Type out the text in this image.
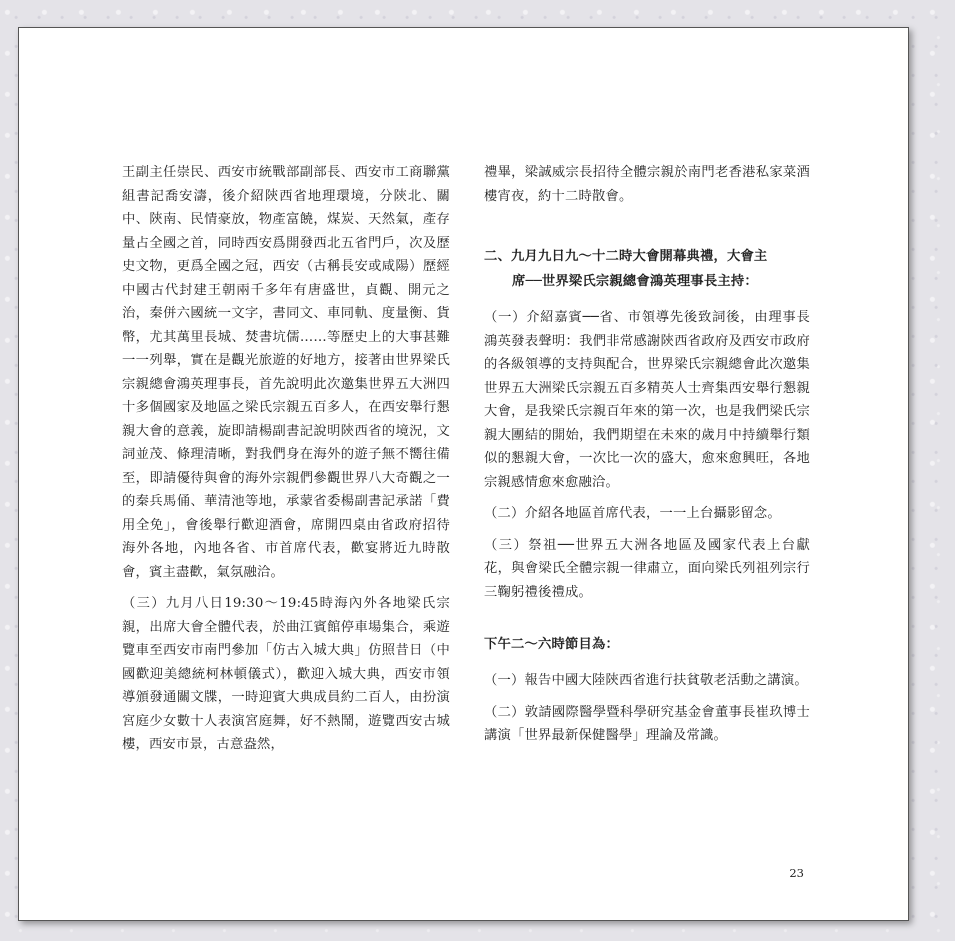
王副主任崇民、西安市統戰部副部長、西安市工商聯黨組書記喬安濤，後介紹陝西省地理環境，分陝北、關中、陝南、民情豪放，物產富饒，煤炭、天然氣，產存量占全國之首，同時西安爲開發西北五省門戶，次及歷史文物，更爲全國之冠，西安（古稱長安或咸陽）歷經中國古代封建王朝兩千多年有唐盛世，貞觀、開元之治，秦併六國統一文字，書同文、車同軌、度量衡、貨幣，尤其萬里長城、焚書坑儒……等歷史上的大事甚難一一列舉，實在是觀光旅遊的好地方，接著由世界梁氏宗親總會鴻英理事長，首先說明此次邀集世界五大洲四十多個國家及地區之梁氏宗親五百多人，在西安舉行懇親大會的意義，旋即請楊副書記說明陝西省的境況，文詞並茂、條理清晰，對我們身在海外的遊子無不嚮往備至，即請優待與會的海外宗親們參觀世界八大奇觀之一的秦兵馬俑、華清池等地，承蒙省委楊副書記承諾「費用全免」，會後舉行歡迎酒會，席開四桌由省政府招待海外各地，內地各省、市首席代表，歡宴將近九時散會，賓主盡歡，氣氛融洽。

（三）九月八日19:30～19:45時海內外各地梁氏宗親，出席大會全體代表，於曲江賓館停車場集合，乘遊覽車至西安市南門參加「仿古入城大典」仿照昔日（中國歡迎美總統柯林頓儀式），歡迎入城大典，西安市領導頒發通關文牒，一時迎賓大典成員約二百人，由扮演宮庭少女數十人表演宮庭舞，好不熱鬧，遊覽西安古城樓，西安市景，古意盎然，

禮畢，梁誠威宗長招待全體宗親於南門老香港私家菜酒樓宵夜，約十二時散會。

二、九月九日九～十二時大會開幕典禮，大會主

席──世界梁氏宗親總會鴻英理事長主持：

（一）介紹嘉賓──省、市領導先後致詞後，由理事長鴻英發表聲明：我們非常感謝陝西省政府及西安市政府的各級領導的支持與配合，世界梁氏宗親總會此次邀集世界五大洲梁氏宗親五百多精英人士齊集西安舉行懇親大會，是我梁氏宗親百年來的第一次，也是我們梁氏宗親大團結的開始，我們期望在未來的歲月中持續舉行類似的懇親大會，一次比一次的盛大，愈來愈興旺，各地宗親感情愈來愈融洽。

（二）介紹各地區首席代表，一一上台攝影留念。

（三）祭祖──世界五大洲各地區及國家代表上台獻花，與會梁氏全體宗親一律肅立，面向梁氏列祖列宗行三鞠躬禮後禮成。

下午二～六時節目為：

（一）報告中國大陸陝西省進行扶貧敬老活動之講演。

（二）敦請國際醫學暨科學研究基金會董事長崔玖博士講演「世界最新保健醫學」理論及常識。

23
